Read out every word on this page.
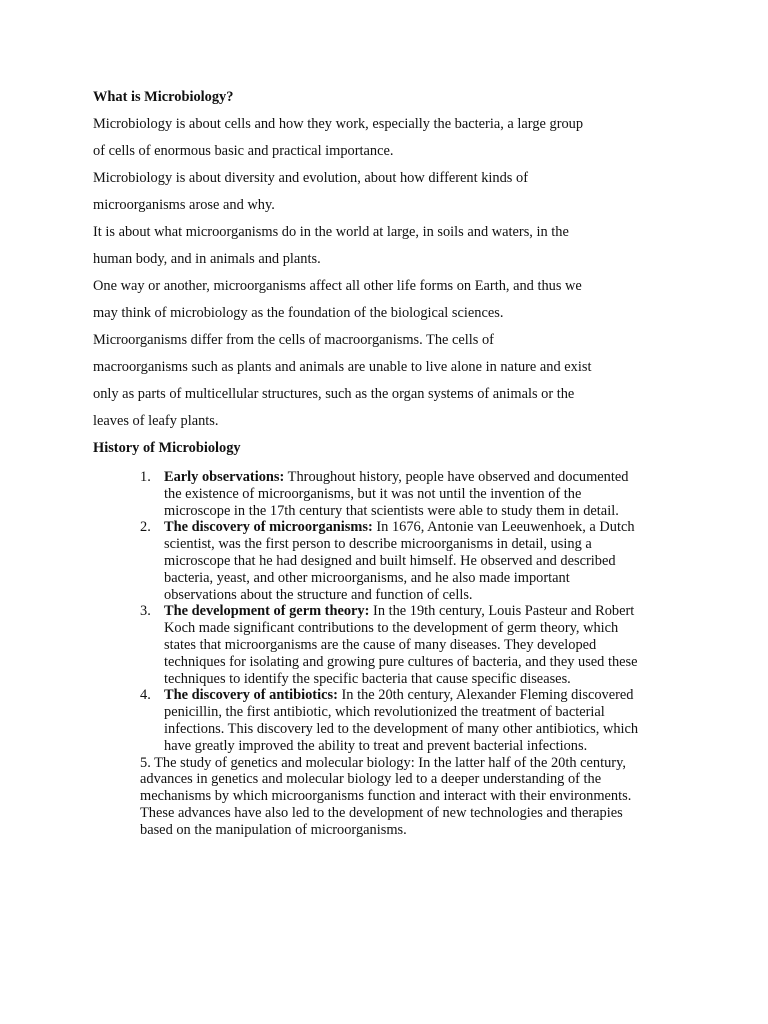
What is Microbiology?

Microbiology is about cells and how they work, especially the bacteria, a large group

of cells of enormous basic and practical importance.

Microbiology is about diversity and evolution, about how different kinds of

microorganisms arose and why.

It is about what microorganisms do in the world at large, in soils and waters, in the

human body, and in animals and plants.

One way or another, microorganisms affect all other life forms on Earth, and thus we

may think of microbiology as the foundation of the biological sciences.

Microorganisms differ from the cells of macroorganisms. The cells of

macroorganisms such as plants and animals are unable to live alone in nature and exist

only as parts of multicellular structures, such as the organ systems of animals or the

leaves of leafy plants.

History of Microbiology

1. Early observations: Throughout history, people have observed and documented
the existence of microorganisms, but it was not until the invention of the
microscope in the 17th century that scientists were able to study them in detail.
2. The discovery of microorganisms: In 1676, Antonie van Leeuwenhoek, a Dutch
scientist, was the first person to describe microorganisms in detail, using a
microscope that he had designed and built himself. He observed and described
bacteria, yeast, and other microorganisms, and he also made important
observations about the structure and function of cells.
3. The development of germ theory: In the 19th century, Louis Pasteur and Robert
Koch made significant contributions to the development of germ theory, which
states that microorganisms are the cause of many diseases. They developed
techniques for isolating and growing pure cultures of bacteria, and they used these
techniques to identify the specific bacteria that cause specific diseases.
4. The discovery of antibiotics: In the 20th century, Alexander Fleming discovered
penicillin, the first antibiotic, which revolutionized the treatment of bacterial
infections. This discovery led to the development of many other antibiotics, which
have greatly improved the ability to treat and prevent bacterial infections.
5. The study of genetics and molecular biology: In the latter half of the 20th century,
advances in genetics and molecular biology led to a deeper understanding of the
mechanisms by which microorganisms function and interact with their environments.
These advances have also led to the development of new technologies and therapies
based on the manipulation of microorganisms.
